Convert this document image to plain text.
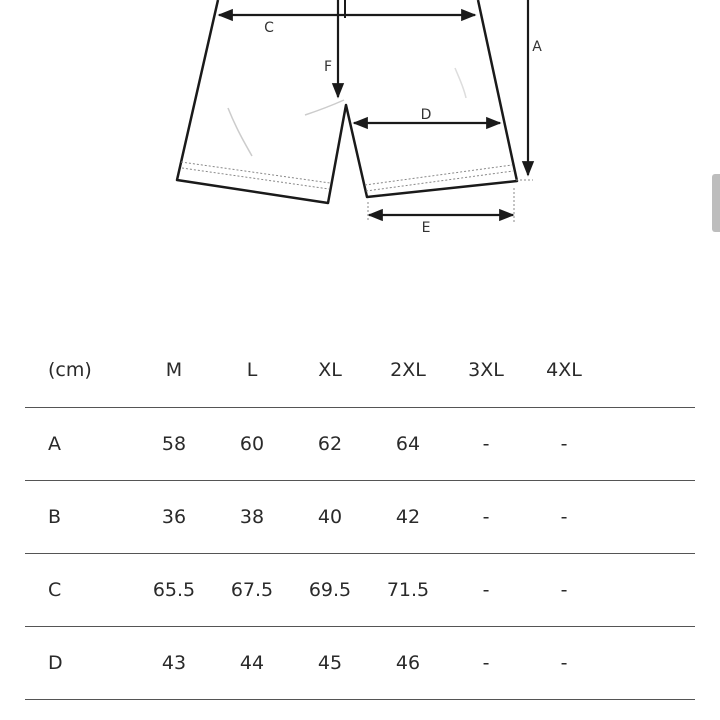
C
F
A
D
E
(cm)	M	L	XL	2XL	3XL	4XL	
A	58	60	62	64	-	-	
B	36	38	40	42	-	-	
C	65.5	67.5	69.5	71.5	-	-	
D	43	44	45	46	-	-	
